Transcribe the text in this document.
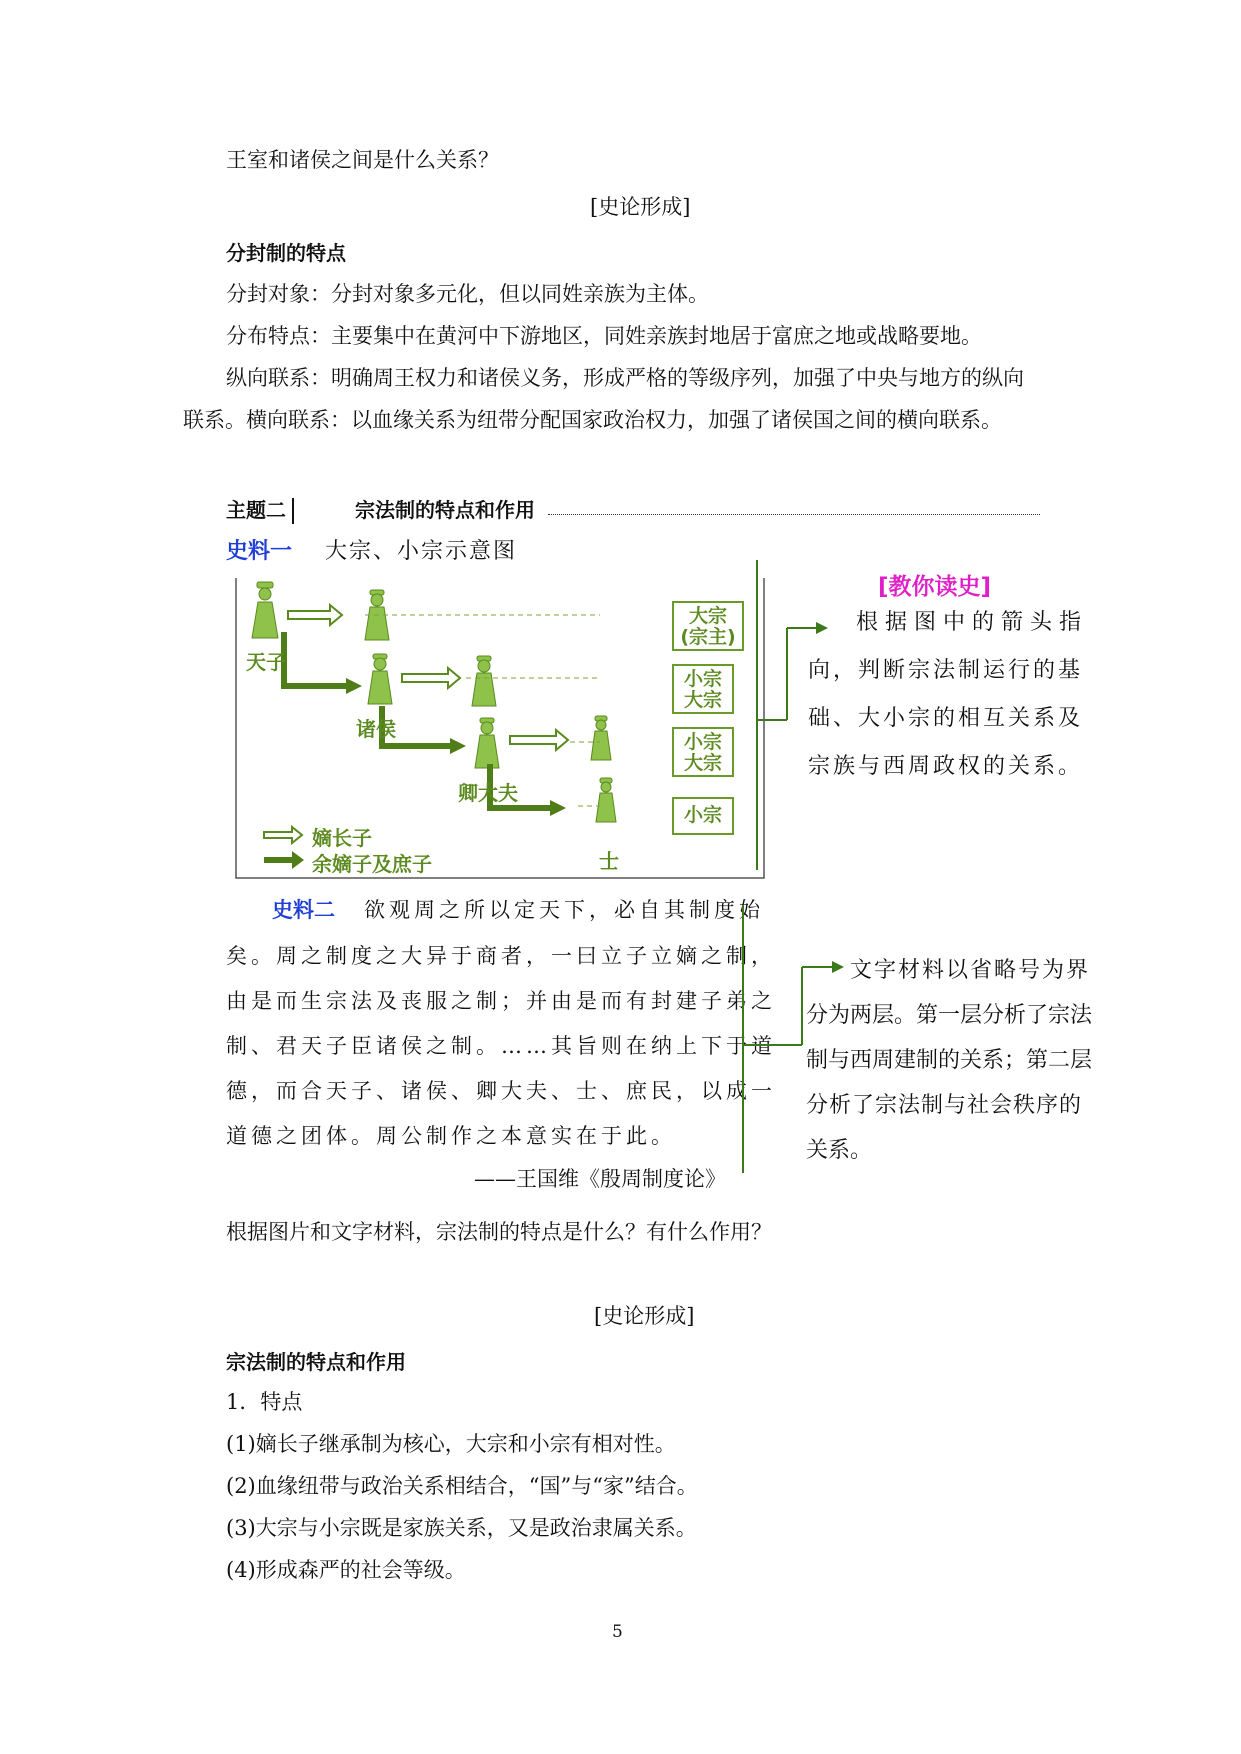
王室和诸侯之间是什么关系？
[史论形成]
分封制的特点
分封对象：分封对象多元化，但以同姓亲族为主体。
分布特点：主要集中在黄河中下游地区，同姓亲族封地居于富庶之地或战略要地。
纵向联系：明确周王权力和诸侯义务，形成严格的等级序列，加强了中央与地方的纵向
联系。横向联系：以血缘关系为纽带分配国家政治权力，加强了诸侯国之间的横向联系。
主题二	宗法制的特点和作用
史料一 大宗、小宗示意图
天子
诸侯
卿大夫
士
大宗
(宗主)
小宗
大宗
小宗
大宗
小宗
嫡长子
余嫡子及庶子
[教你读史]
根据图中的箭头指
向，判断宗法制运行的基
础、大小宗的相互关系及
宗族与西周政权的关系。
史料二 欲观周之所以定天下，必自其制度始
矣。周之制度之大异于商者，一曰立子立嫡之制，
由是而生宗法及丧服之制；并由是而有封建子弟之
制、君天子臣诸侯之制。……其旨则在纳上下于道
德，而合天子、诸侯、卿大夫、士、庶民，以成一
道德之团体。周公制作之本意实在于此。
——王国维《殷周制度论》
文字材料以省略号为界
分为两层。第一层分析了宗法
制与西周建制的关系；第二层
分析了宗法制与社会秩序的
关系。
根据图片和文字材料，宗法制的特点是什么？有什么作用？
[史论形成]
宗法制的特点和作用
1．特点
(1)嫡长子继承制为核心，大宗和小宗有相对性。
(2)血缘纽带与政治关系相结合，“国”与“家”结合。
(3)大宗与小宗既是家族关系，又是政治隶属关系。
(4)形成森严的社会等级。
5
